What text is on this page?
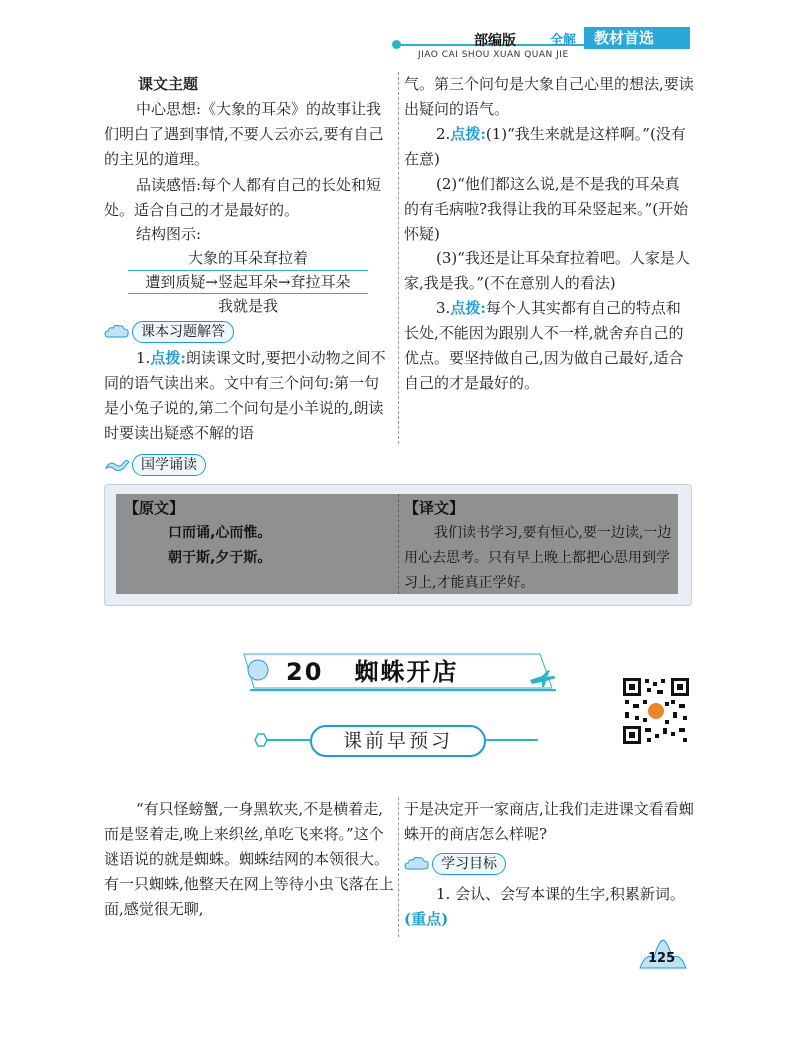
部编版	全解	教材首选
JIAO CAI SHOU XUAN QUAN JIE
课文主题
中心思想:《大象的耳朵》的故事让我们明白了遇到事情,不要人云亦云,要有自己的主见的道理。
品读感悟:每个人都有自己的长处和短处。适合自己的才是最好的。
结构图示:
大象的耳朵耷拉着
遭到质疑→竖起耳朵→耷拉耳朵
我就是我
课本习题解答
1.点拨:朗读课文时,要把小动物之间不同的语气读出来。文中有三个问句:第一句是小兔子说的,第二个问句是小羊说的,朗读时要读出疑惑不解的语
气。第三个问句是大象自己心里的想法,要读出疑问的语气。
2.点拨:(1)“我生来就是这样啊。”(没有在意)
(2)“他们都这么说,是不是我的耳朵真的有毛病啦?我得让我的耳朵竖起来。”(开始怀疑)
(3)“我还是让耳朵耷拉着吧。人家是人家,我是我。”(不在意别人的看法)
3.点拨:每个人其实都有自己的特点和长处,不能因为跟别人不一样,就舍弃自己的优点。要坚持做自己,因为做自己最好,适合自己的才是最好的。
国学诵读
【原文】
口而诵,心而惟。
朝于斯,夕于斯。
【译文】
我们读书学习,要有恒心,要一边读,一边用心去思考。只有早上晚上都把心思用到学习上,才能真正学好。
20 蜘蛛开店
课前早预习
“有只怪螃蟹,一身黑软夹,不是横着走,而是竖着走,晚上来织丝,单吃飞来将。”这个谜语说的就是蜘蛛。蜘蛛结网的本领很大。有一只蜘蛛,他整天在网上等待小虫飞落在上面,感觉很无聊,
于是决定开一家商店,让我们走进课文看看蜘蛛开的商店怎么样呢?
学习目标
1. 会认、会写本课的生字,积累新词。(重点)
125
